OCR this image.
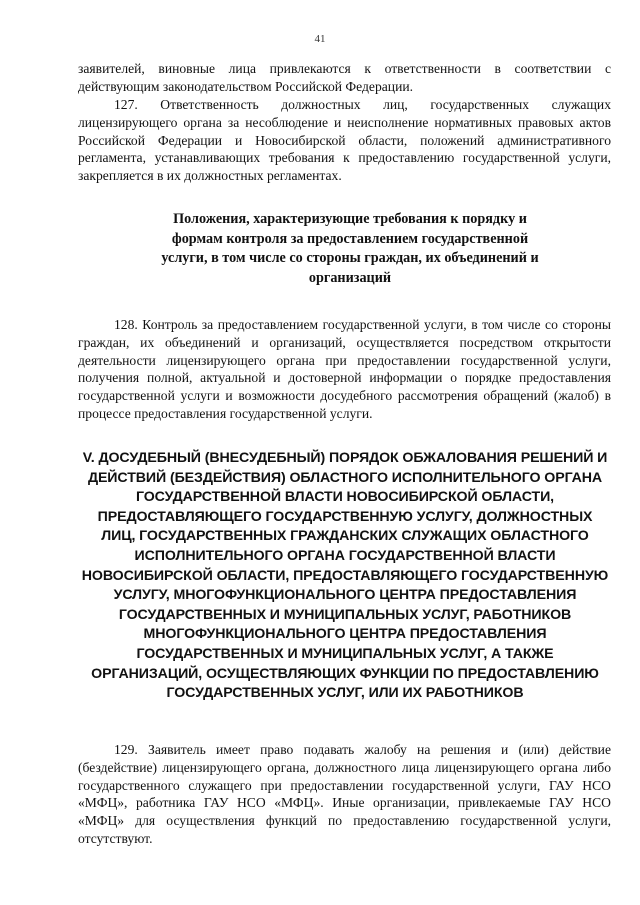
41

заявителей, виновные лица привлекаются к ответственности в соответствии с действующим законодательством Российской Федерации.

127. Ответственность должностных лиц, государственных служащих лицензирующего органа за несоблюдение и неисполнение нормативных правовых актов Российской Федерации и Новосибирской области, положений административного регламента, устанавливающих требования к предоставлению государственной услуги, закрепляется в их должностных регламентах.

Положения, характеризующие требования к порядку и формам контроля за предоставлением государственной услуги, в том числе со стороны граждан, их объединений и организаций

128. Контроль за предоставлением государственной услуги, в том числе со стороны граждан, их объединений и организаций, осуществляется посредством открытости деятельности лицензирующего органа при предоставлении государственной услуги, получения полной, актуальной и достоверной информации о порядке предоставления государственной услуги и возможности досудебного рассмотрения обращений (жалоб) в процессе предоставления государственной услуги.

V. ДОСУДЕБНЫЙ (ВНЕСУДЕБНЫЙ) ПОРЯДОК ОБЖАЛОВАНИЯ РЕШЕНИЙ И ДЕЙСТВИЙ (БЕЗДЕЙСТВИЯ) ОБЛАСТНОГО ИСПОЛНИТЕЛЬНОГО ОРГАНА ГОСУДАРСТВЕННОЙ ВЛАСТИ НОВОСИБИРСКОЙ ОБЛАСТИ, ПРЕДОСТАВЛЯЮЩЕГО ГОСУДАРСТВЕННУЮ УСЛУГУ, ДОЛЖНОСТНЫХ ЛИЦ, ГОСУДАРСТВЕННЫХ ГРАЖДАНСКИХ СЛУЖАЩИХ ОБЛАСТНОГО ИСПОЛНИТЕЛЬНОГО ОРГАНА ГОСУДАРСТВЕННОЙ ВЛАСТИ НОВОСИБИРСКОЙ ОБЛАСТИ, ПРЕДОСТАВЛЯЮЩЕГО ГОСУДАРСТВЕННУЮ УСЛУГУ, МНОГОФУНКЦИОНАЛЬНОГО ЦЕНТРА ПРЕДОСТАВЛЕНИЯ ГОСУДАРСТВЕННЫХ И МУНИЦИПАЛЬНЫХ УСЛУГ, РАБОТНИКОВ МНОГОФУНКЦИОНАЛЬНОГО ЦЕНТРА ПРЕДОСТАВЛЕНИЯ ГОСУДАРСТВЕННЫХ И МУНИЦИПАЛЬНЫХ УСЛУГ, А ТАКЖЕ ОРГАНИЗАЦИЙ, ОСУЩЕСТВЛЯЮЩИХ ФУНКЦИИ ПО ПРЕДОСТАВЛЕНИЮ ГОСУДАРСТВЕННЫХ УСЛУГ, ИЛИ ИХ РАБОТНИКОВ

129. Заявитель имеет право подавать жалобу на решения и (или) действие (бездействие) лицензирующего органа, должностного лица лицензирующего органа либо государственного служащего при предоставлении государственной услуги, ГАУ НСО «МФЦ», работника ГАУ НСО «МФЦ». Иные организации, привлекаемые ГАУ НСО «МФЦ» для осуществления функций по предоставлению государственной услуги, отсутствуют.
